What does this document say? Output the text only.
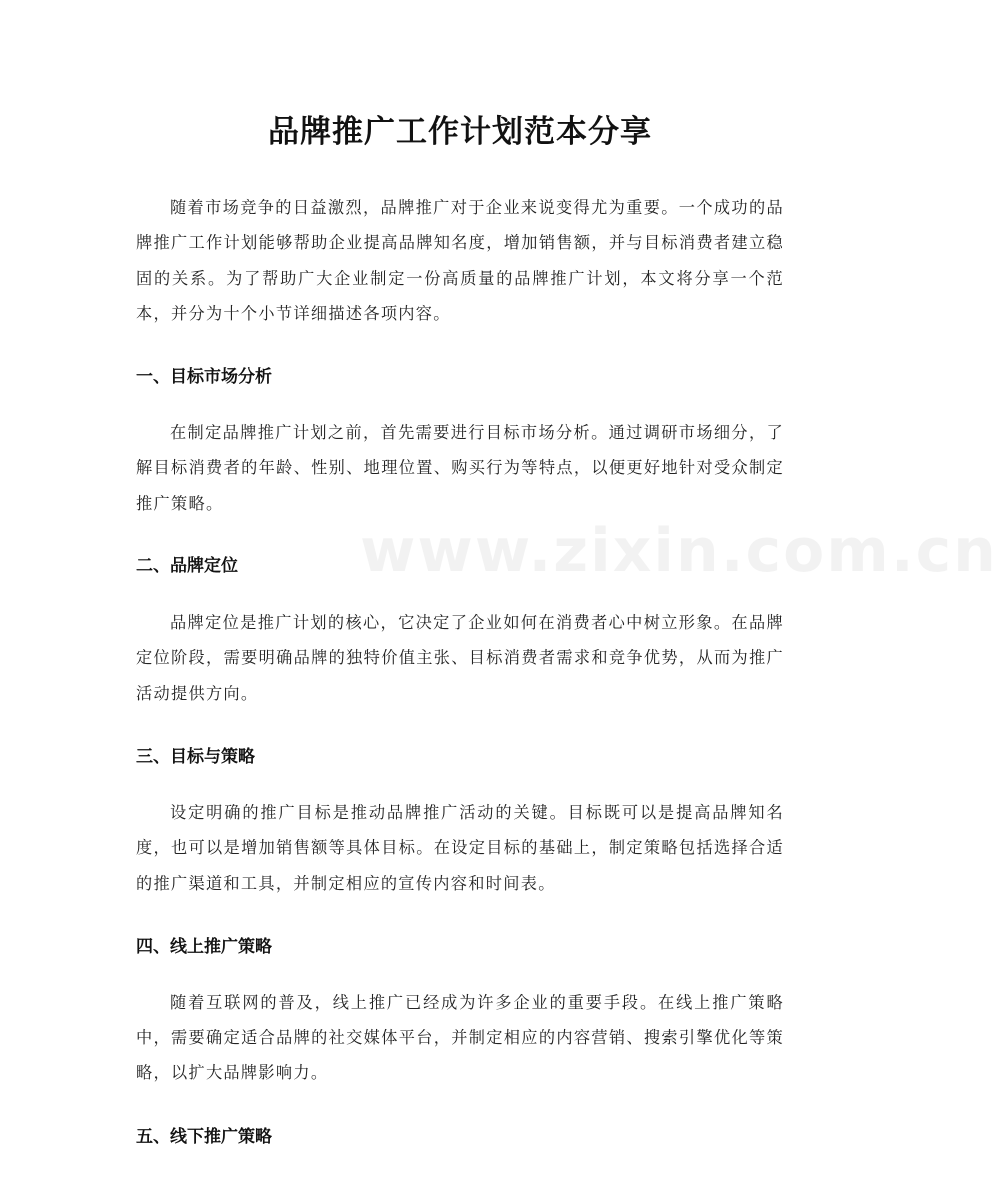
品牌推广工作计划范本分享

随着市场竞争的日益激烈，品牌推广对于企业来说变得尤为重要。一个成功的品牌推广工作计划能够帮助企业提高品牌知名度，增加销售额，并与目标消费者建立稳固的关系。为了帮助广大企业制定一份高质量的品牌推广计划，本文将分享一个范本，并分为十个小节详细描述各项内容。

一、目标市场分析

在制定品牌推广计划之前，首先需要进行目标市场分析。通过调研市场细分，了解目标消费者的年龄、性别、地理位置、购买行为等特点，以便更好地针对受众制定推广策略。

二、品牌定位

品牌定位是推广计划的核心，它决定了企业如何在消费者心中树立形象。在品牌定位阶段，需要明确品牌的独特价值主张、目标消费者需求和竞争优势，从而为推广活动提供方向。

三、目标与策略

设定明确的推广目标是推动品牌推广活动的关键。目标既可以是提高品牌知名度，也可以是增加销售额等具体目标。在设定目标的基础上，制定策略包括选择合适的推广渠道和工具，并制定相应的宣传内容和时间表。

四、线上推广策略

随着互联网的普及，线上推广已经成为许多企业的重要手段。在线上推广策略中，需要确定适合品牌的社交媒体平台，并制定相应的内容营销、搜索引擎优化等策略，以扩大品牌影响力。

五、线下推广策略
www.zixin.com.cn
